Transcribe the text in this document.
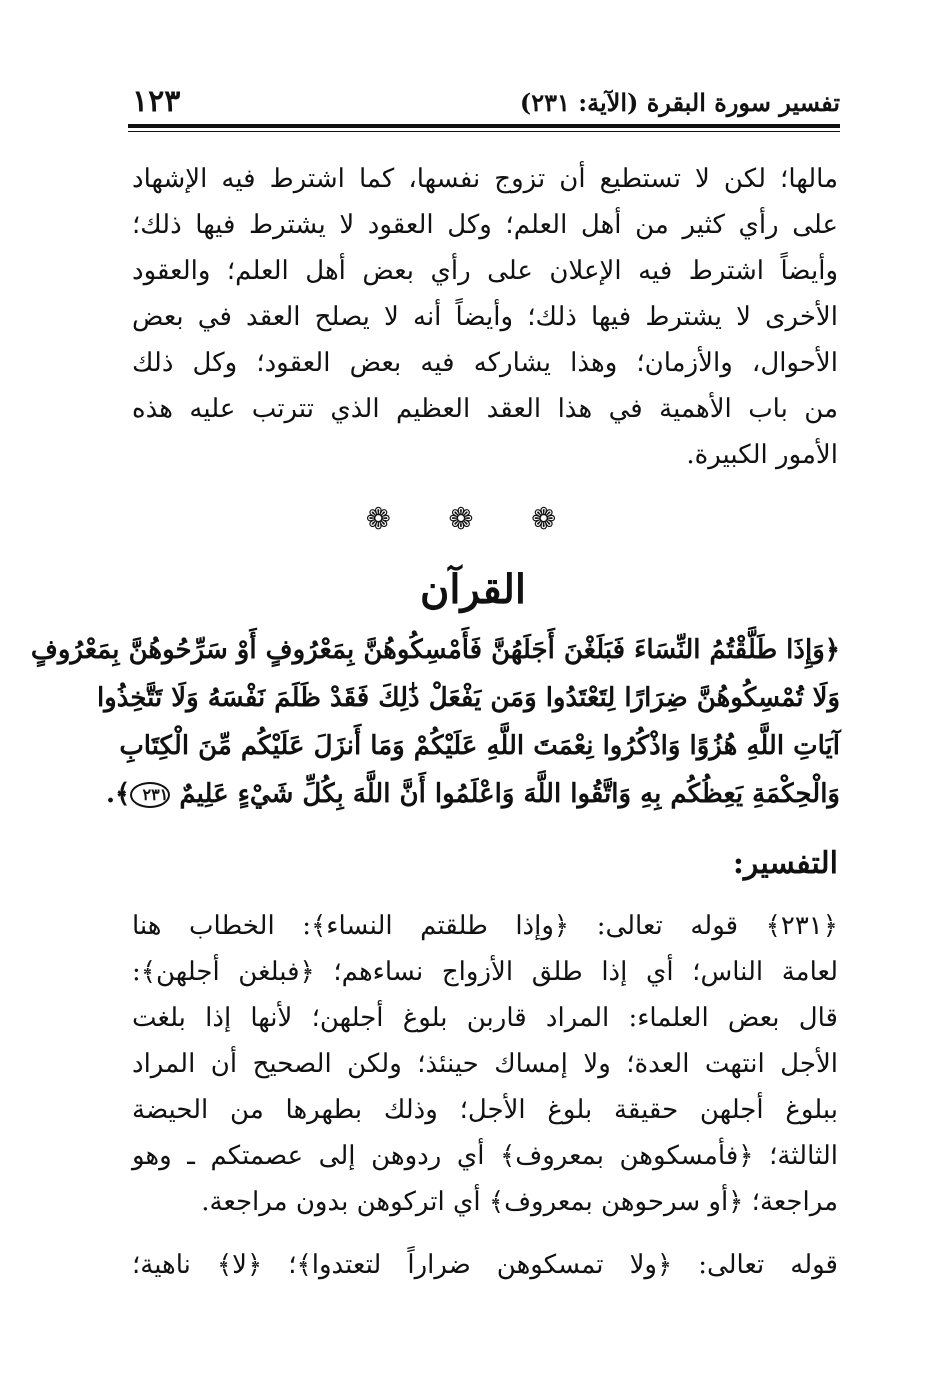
تفسير سورة البقرة (الآية: ٢٣١)
١٢٣
مالها؛ لكن لا تستطيع أن تزوج نفسها، كما اشترط فيه الإشهاد
على رأي كثير من أهل العلم؛ وكل العقود لا يشترط فيها ذلك؛
وأيضاً اشترط فيه الإعلان على رأي بعض أهل العلم؛ والعقود
الأخرى لا يشترط فيها ذلك؛ وأيضاً أنه لا يصلح العقد في بعض
الأحوال، والأزمان؛ وهذا يشاركه فيه بعض العقود؛ وكل ذلك
من باب الأهمية في هذا العقد العظيم الذي تترتب عليه هذه
الأمور الكبيرة.
❁ ❁ ❁
القرآن
﴿وَإِذَا طَلَّقْتُمُ النِّسَاءَ فَبَلَغْنَ أَجَلَهُنَّ فَأَمْسِكُوهُنَّ بِمَعْرُوفٍ أَوْ سَرِّحُوهُنَّ بِمَعْرُوفٍ
وَلَا تُمْسِكُوهُنَّ ضِرَارًا لِتَعْتَدُوا وَمَن يَفْعَلْ ذَٰلِكَ فَقَدْ ظَلَمَ نَفْسَهُ وَلَا تَتَّخِذُوا
آيَاتِ اللَّهِ هُزُوًا وَاذْكُرُوا نِعْمَتَ اللَّهِ عَلَيْكُمْ وَمَا أَنزَلَ عَلَيْكُم مِّنَ الْكِتَابِ
وَالْحِكْمَةِ يَعِظُكُم بِهِ وَاتَّقُوا اللَّهَ وَاعْلَمُوا أَنَّ اللَّهَ بِكُلِّ شَيْءٍ عَلِيمٌ ٢٣١﴾.
التفسير:
﴿٢٣١﴾ قوله تعالى: ﴿وإذا طلقتم النساء﴾: الخطاب هنا
لعامة الناس؛ أي إذا طلق الأزواج نساءهم؛ ﴿فبلغن أجلهن﴾:
قال بعض العلماء: المراد قاربن بلوغ أجلهن؛ لأنها إذا بلغت
الأجل انتهت العدة؛ ولا إمساك حينئذ؛ ولكن الصحيح أن المراد
ببلوغ أجلهن حقيقة بلوغ الأجل؛ وذلك بطهرها من الحيضة
الثالثة؛ ﴿فأمسكوهن بمعروف﴾ أي ردوهن إلى عصمتكم ـ وهو
مراجعة؛ ﴿أو سرحوهن بمعروف﴾ أي اتركوهن بدون مراجعة.
قوله تعالى: ﴿ولا تمسكوهن ضراراً لتعتدوا﴾؛ ﴿لا﴾ ناهية؛
